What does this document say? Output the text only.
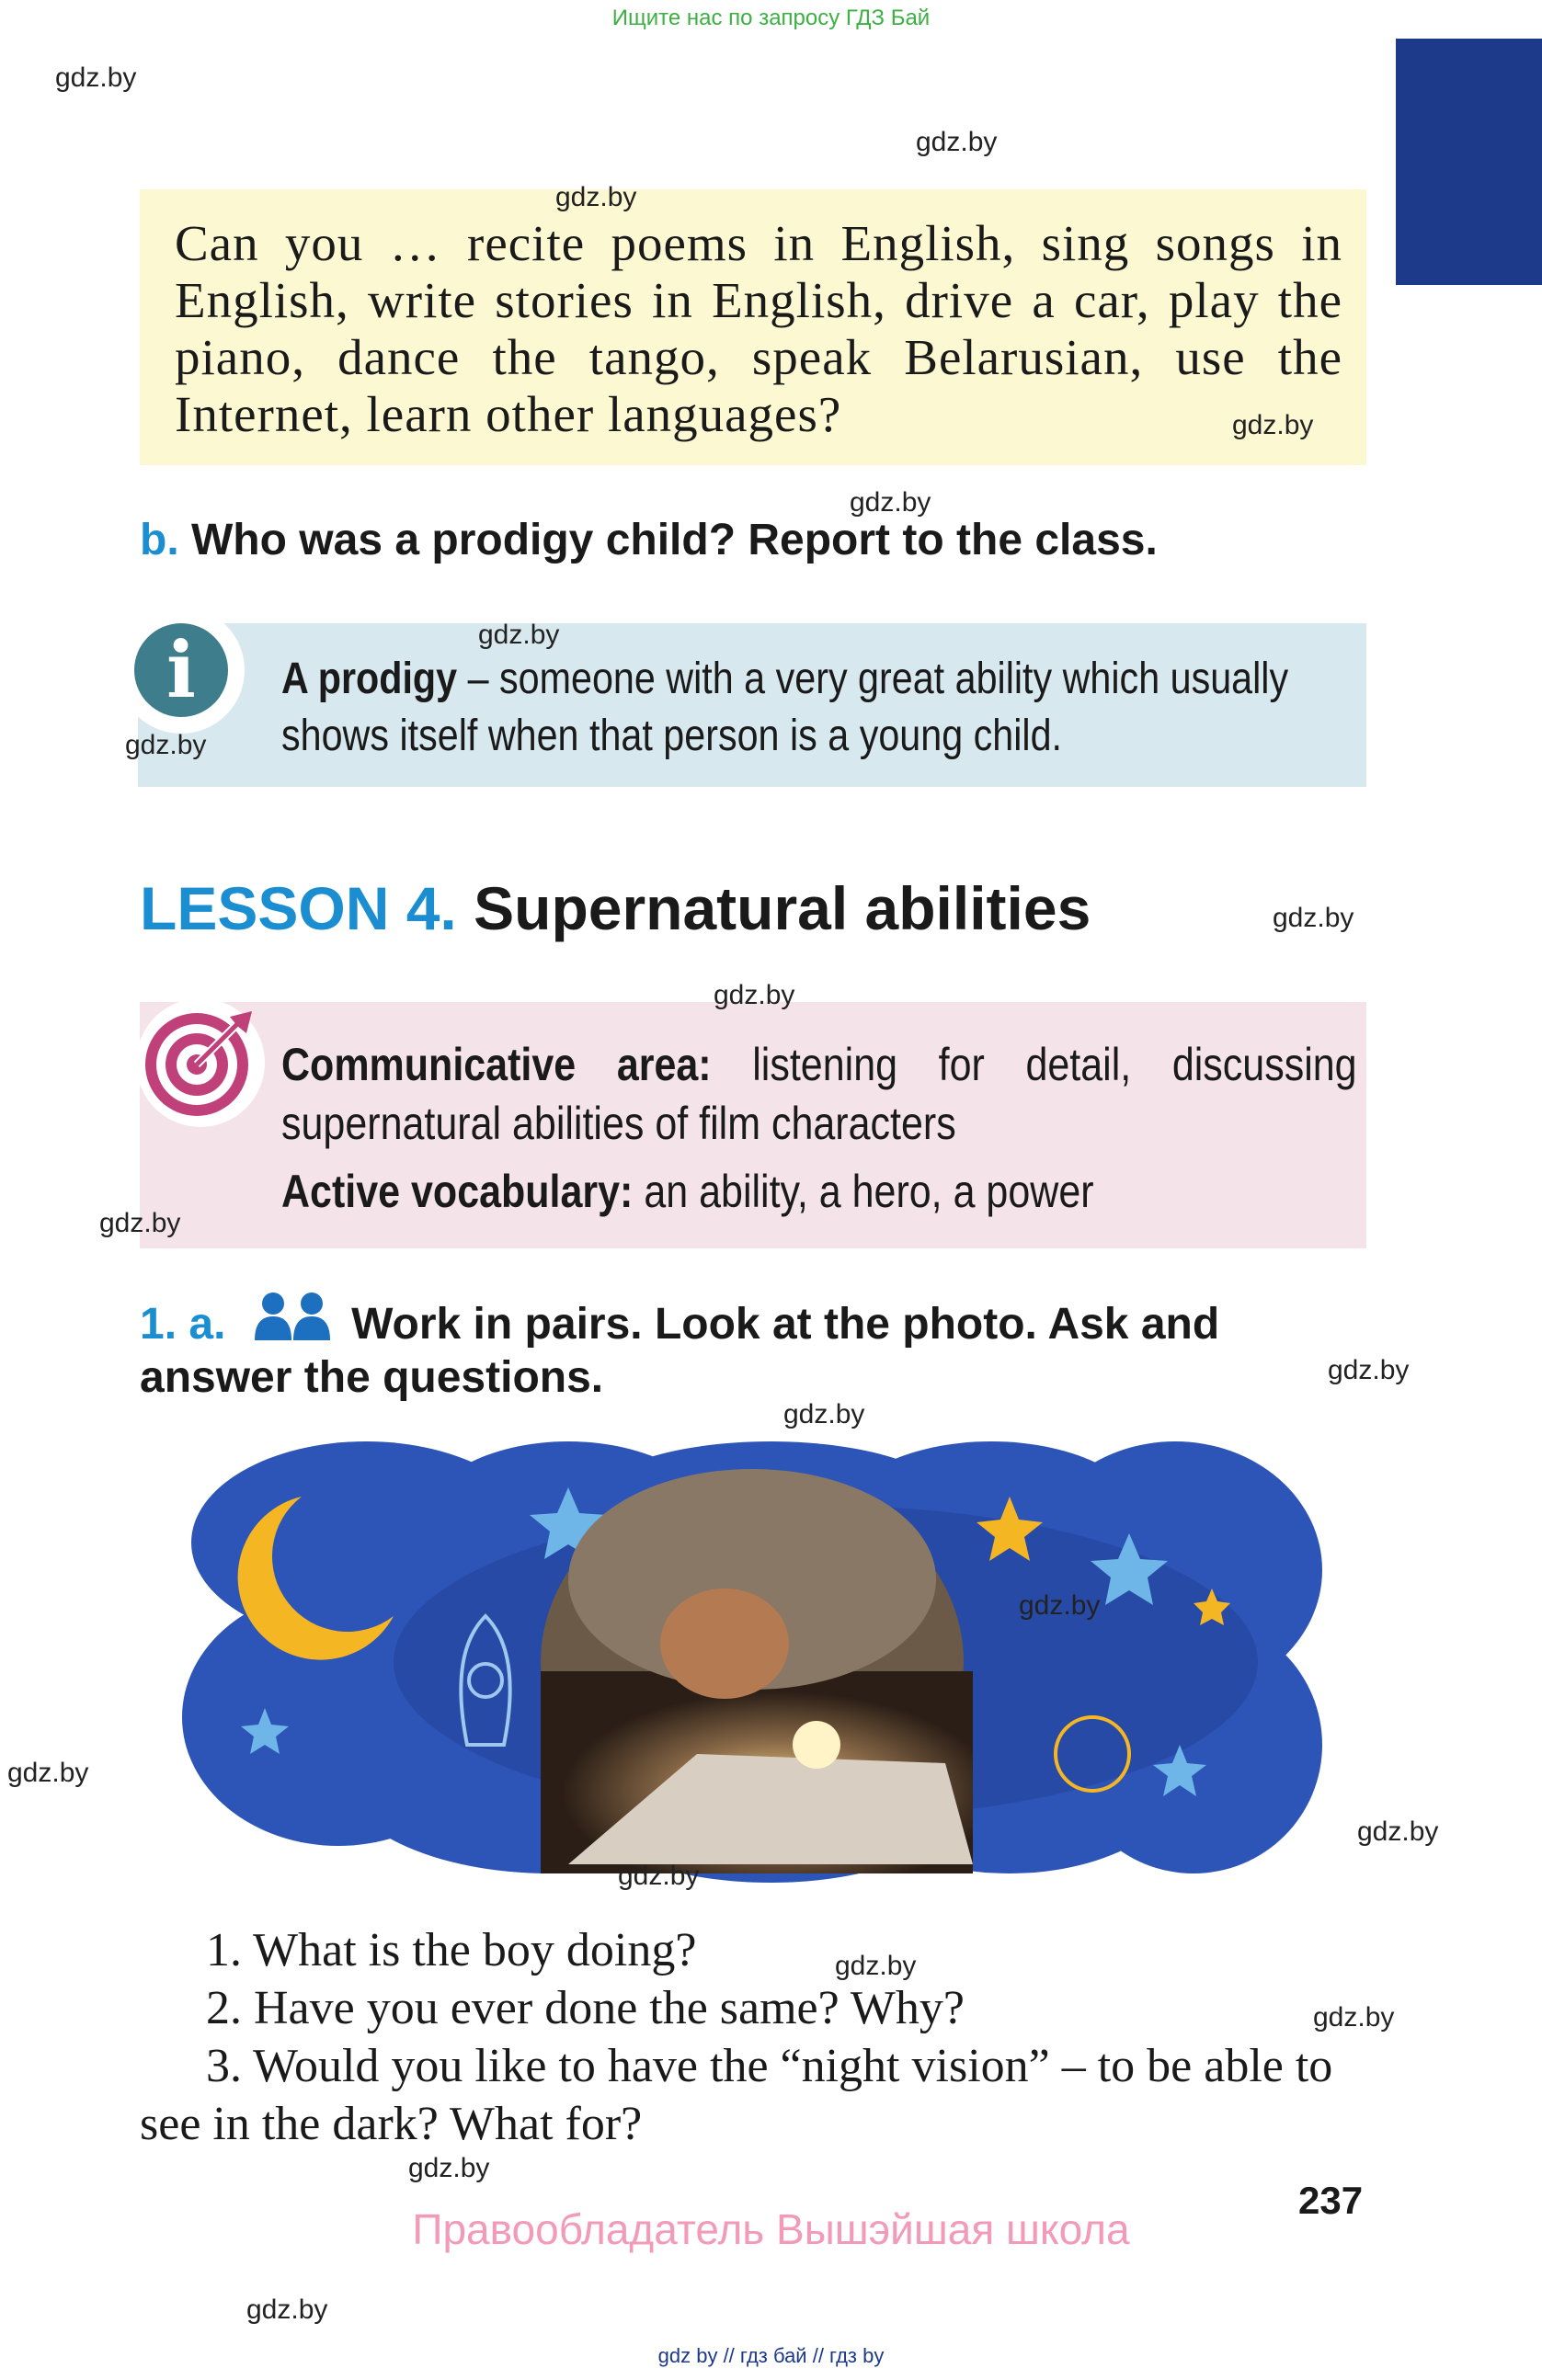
Ищите нас по запросу ГДЗ Бай
Can you … recite poems in English, sing songs in English, write stories in English, drive a car, play the piano, dance the tango, speak Belarusian, use the Internet, learn other languages?
b. Who was a prodigy child? Report to the class.
i	A prodigy – someone with a very great ability which usually shows itself when that person is a young child.
LESSON 4. Supernatural abilities
Communicative area: listening for detail, discussing supernatural abilities of film characters
Active vocabulary: an ability, a hero, a power
1. a.	Work in pairs. Look at the photo. Ask and answer the questions.
1. What is the boy doing?
2. Have you ever done the same? Why?
3. Would you like to have the “night vision” – to be able to see in the dark? What for?
237
Правообладатель Вышэйшая школа
gdz by // гдз бай // гдз by
gdz.by
gdz.by
gdz.by
gdz.by
gdz.by
gdz.by
gdz.by
gdz.by
gdz.by
gdz.by
gdz.by
gdz.by
gdz.by
gdz.by
gdz.by
gdz.by
gdz.by
gdz.by
gdz.by
gdz.by
